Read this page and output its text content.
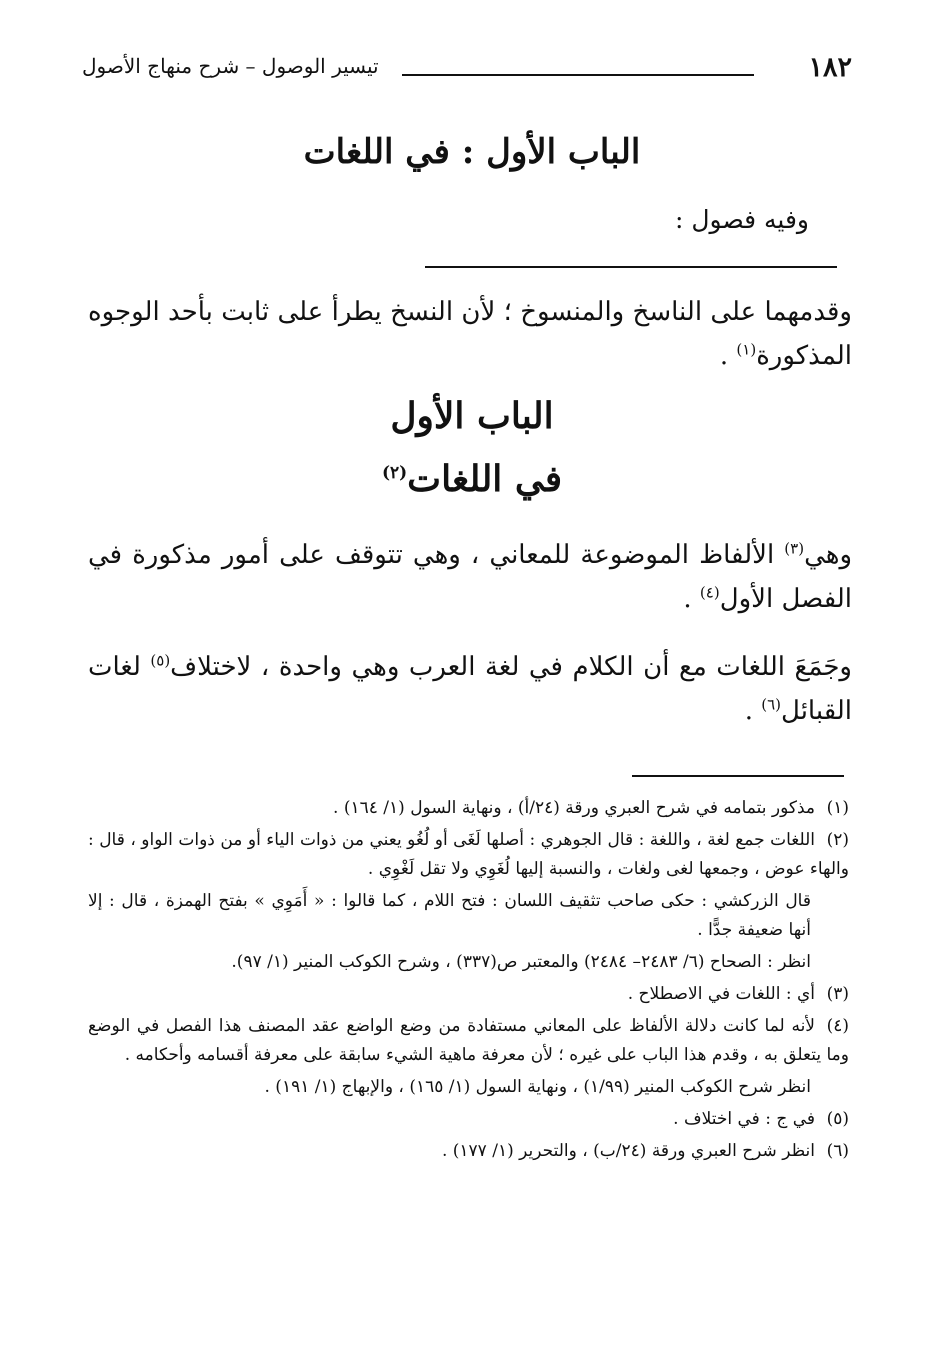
١٨٢
تيسير الوصول – شرح منهاج الأصول
الباب الأول : في اللغات
وفيه فصول :

وقدمهما على الناسخ والمنسوخ ؛ لأن النسخ يطرأ على ثابت بأحد الوجوه المذكورة$^{(١)}$ .

الباب الأول
في اللغات$^{(٢)}$

وهي$^{(٣)}$ الألفاظ الموضوعة للمعاني ، وهي تتوقف على أمور مذكورة في الفصل الأول$^{(٤)}$ .

وجَمَعَ اللغات مع أن الكلام في لغة العرب وهي واحدة ، لاختلاف$^{(٥)}$ لغات القبائل$^{(٦)}$ .

(١)مذكور بتمامه في شرح العبري ورقة (٢٤/أ) ، ونهاية السول (١/ ١٦٤) .

(٢)اللغات جمع لغة ، واللغة : قال الجوهري : أصلها لَغَى أو لُغُو يعني من ذوات الياء أو من ذوات الواو ، قال : والهاء عوض ، وجمعها لغى ولغات ، والنسبة إليها لُغَوِي ولا تقل لَغْوِي .

قال الزركشي : حكى صاحب تثقيف اللسان : فتح اللام ، كما قالوا : « أَمَوِي » بفتح الهمزة ، قال : إلا أنها ضعيفة جدًّا .

انظر : الصحاح (٦/ ٢٤٨٣– ٢٤٨٤) والمعتبر ص(٣٣٧) ، وشرح الكوكب المنير (١/ ٩٧).

(٣)أي : اللغات في الاصطلاح .

(٤)لأنه لما كانت دلالة الألفاظ على المعاني مستفادة من وضع الواضع عقد المصنف هذا الفصل في الوضع وما يتعلق به ، وقدم هذا الباب على غيره ؛ لأن معرفة ماهية الشيء سابقة على معرفة أقسامه وأحكامه .

انظر شرح الكوكب المنير (١/٩٩) ، ونهاية السول (١/ ١٦٥) ، والإبهاج (١/ ١٩١) .

(٥)في ج : في اختلاف .

(٦)انظر شرح العبري ورقة (٢٤/ب) ، والتحرير (١/ ١٧٧) .
